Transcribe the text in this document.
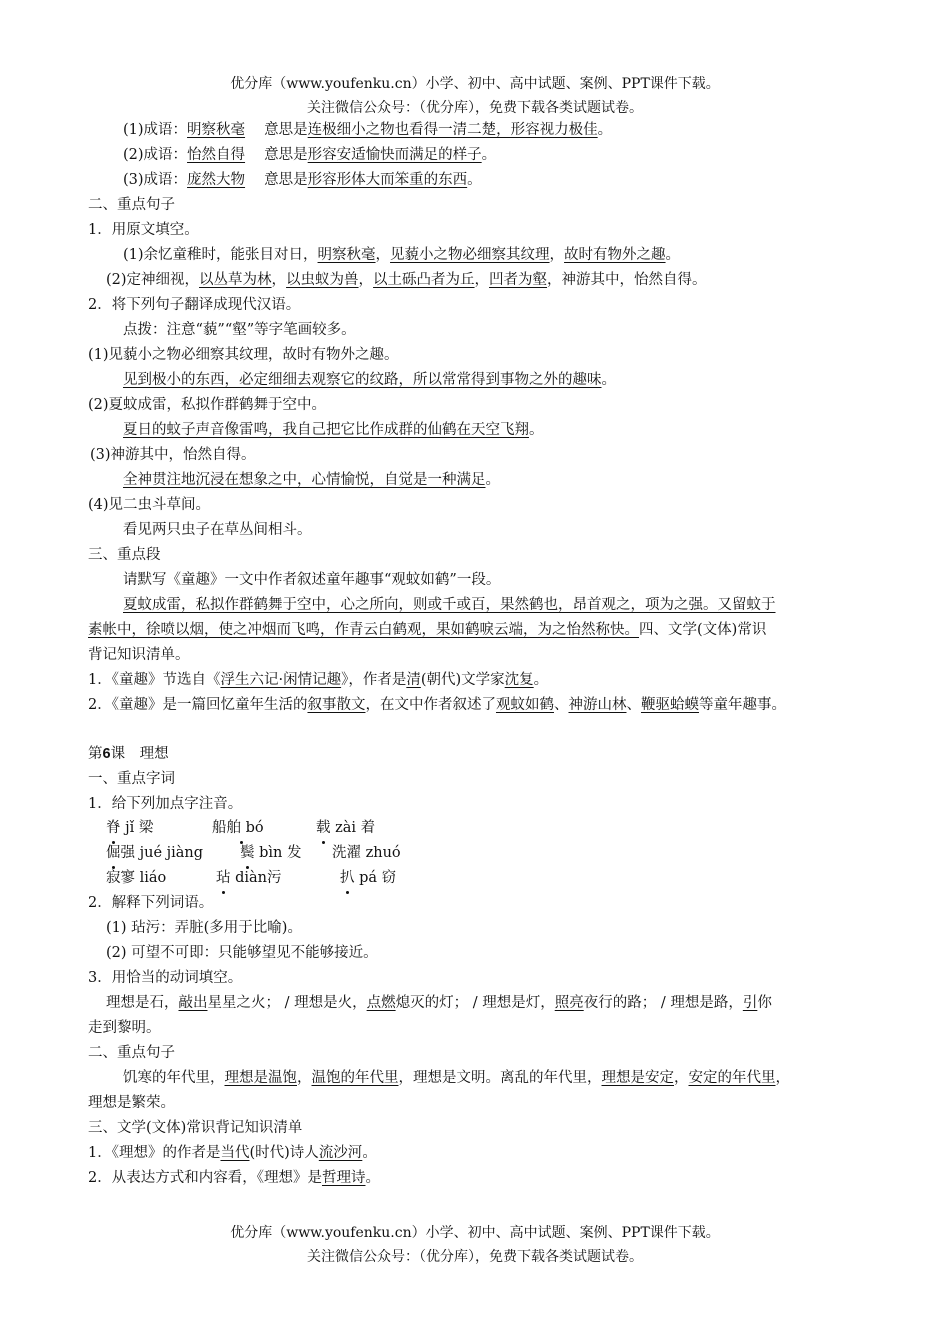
优分库（www.youfenku.cn）小学、初中、高中试题、案例、PPT课件下载。
关注微信公众号：（优分库），免费下载各类试题试卷。
(1)成语：明察秋毫　 意思是连极细小之物也看得一清二楚，形容视力极佳。
(2)成语：怡然自得　 意思是形容安适愉快而满足的样子。
(3)成语：庞然大物　 意思是形容形体大而笨重的东西。
二、重点句子
1．用原文填空。
(1)余忆童稚时，能张目对日，明察秋毫，见藐小之物必细察其纹理，故时有物外之趣。
(2)定神细视，以丛草为林，以虫蚁为兽，以土砾凸者为丘，凹者为壑，神游其中，怡然自得。
2．将下列句子翻译成现代汉语。
点拨：注意“藐”“壑”等字笔画较多。
(1)见藐小之物必细察其纹理，故时有物外之趣。
见到极小的东西，必定细细去观察它的纹路，所以常常得到事物之外的趣味。
(2)夏蚊成雷，私拟作群鹤舞于空中。
夏日的蚊子声音像雷鸣，我自己把它比作成群的仙鹤在天空飞翔。
(3)神游其中，怡然自得。
全神贯注地沉浸在想象之中，心情愉悦，自觉是一种满足。
(4)见二虫斗草间。
看见两只虫子在草丛间相斗。
三、重点段
请默写《童趣》一文中作者叙述童年趣事“观蚊如鹤”一段。
夏蚊成雷，私拟作群鹤舞于空中，心之所向，则或千或百，果然鹤也，昂首观之，项为之强。又留蚊于
素帐中，徐喷以烟，使之冲烟而飞鸣，作青云白鹤观，果如鹤唳云端，为之怡然称快。四、文学(文体)常识
背记知识清单。
1．《童趣》节选自《浮生六记·闲情记趣》，作者是清(朝代)文学家沈复。
2．《童趣》是一篇回忆童年生活的叙事散文，在文中作者叙述了观蚊如鹤、神游山林、鞭驱蛤蟆等童年趣事。
第6课　理想
一、重点字词
1．给下列加点字注音。
脊 jǐ 梁	船舶 bó	载 zài 着
倔强 jué jiàng	鬓 bìn 发 洗濯 zhuó
寂寥 liáo	玷 diàn污	扒 pá 窃
2．解释下列词语。
(1) 玷污：弄脏(多用于比喻)。
(2) 可望不可即：只能够望见不能够接近。
3．用恰当的动词填空。
理想是石，敲出星星之火； / 理想是火，点燃熄灭的灯； / 理想是灯，照亮夜行的路； / 理想是路，引你
走到黎明。
二、重点句子
饥寒的年代里，理想是温饱，温饱的年代里，理想是文明。离乱的年代里，理想是安定，安定的年代里，
理想是繁荣。
三、文学(文体)常识背记知识清单
1．《理想》的作者是当代(时代)诗人流沙河。
2．从表达方式和内容看，《理想》是哲理诗。
优分库（www.youfenku.cn）小学、初中、高中试题、案例、PPT课件下载。
关注微信公众号：（优分库），免费下载各类试题试卷。
